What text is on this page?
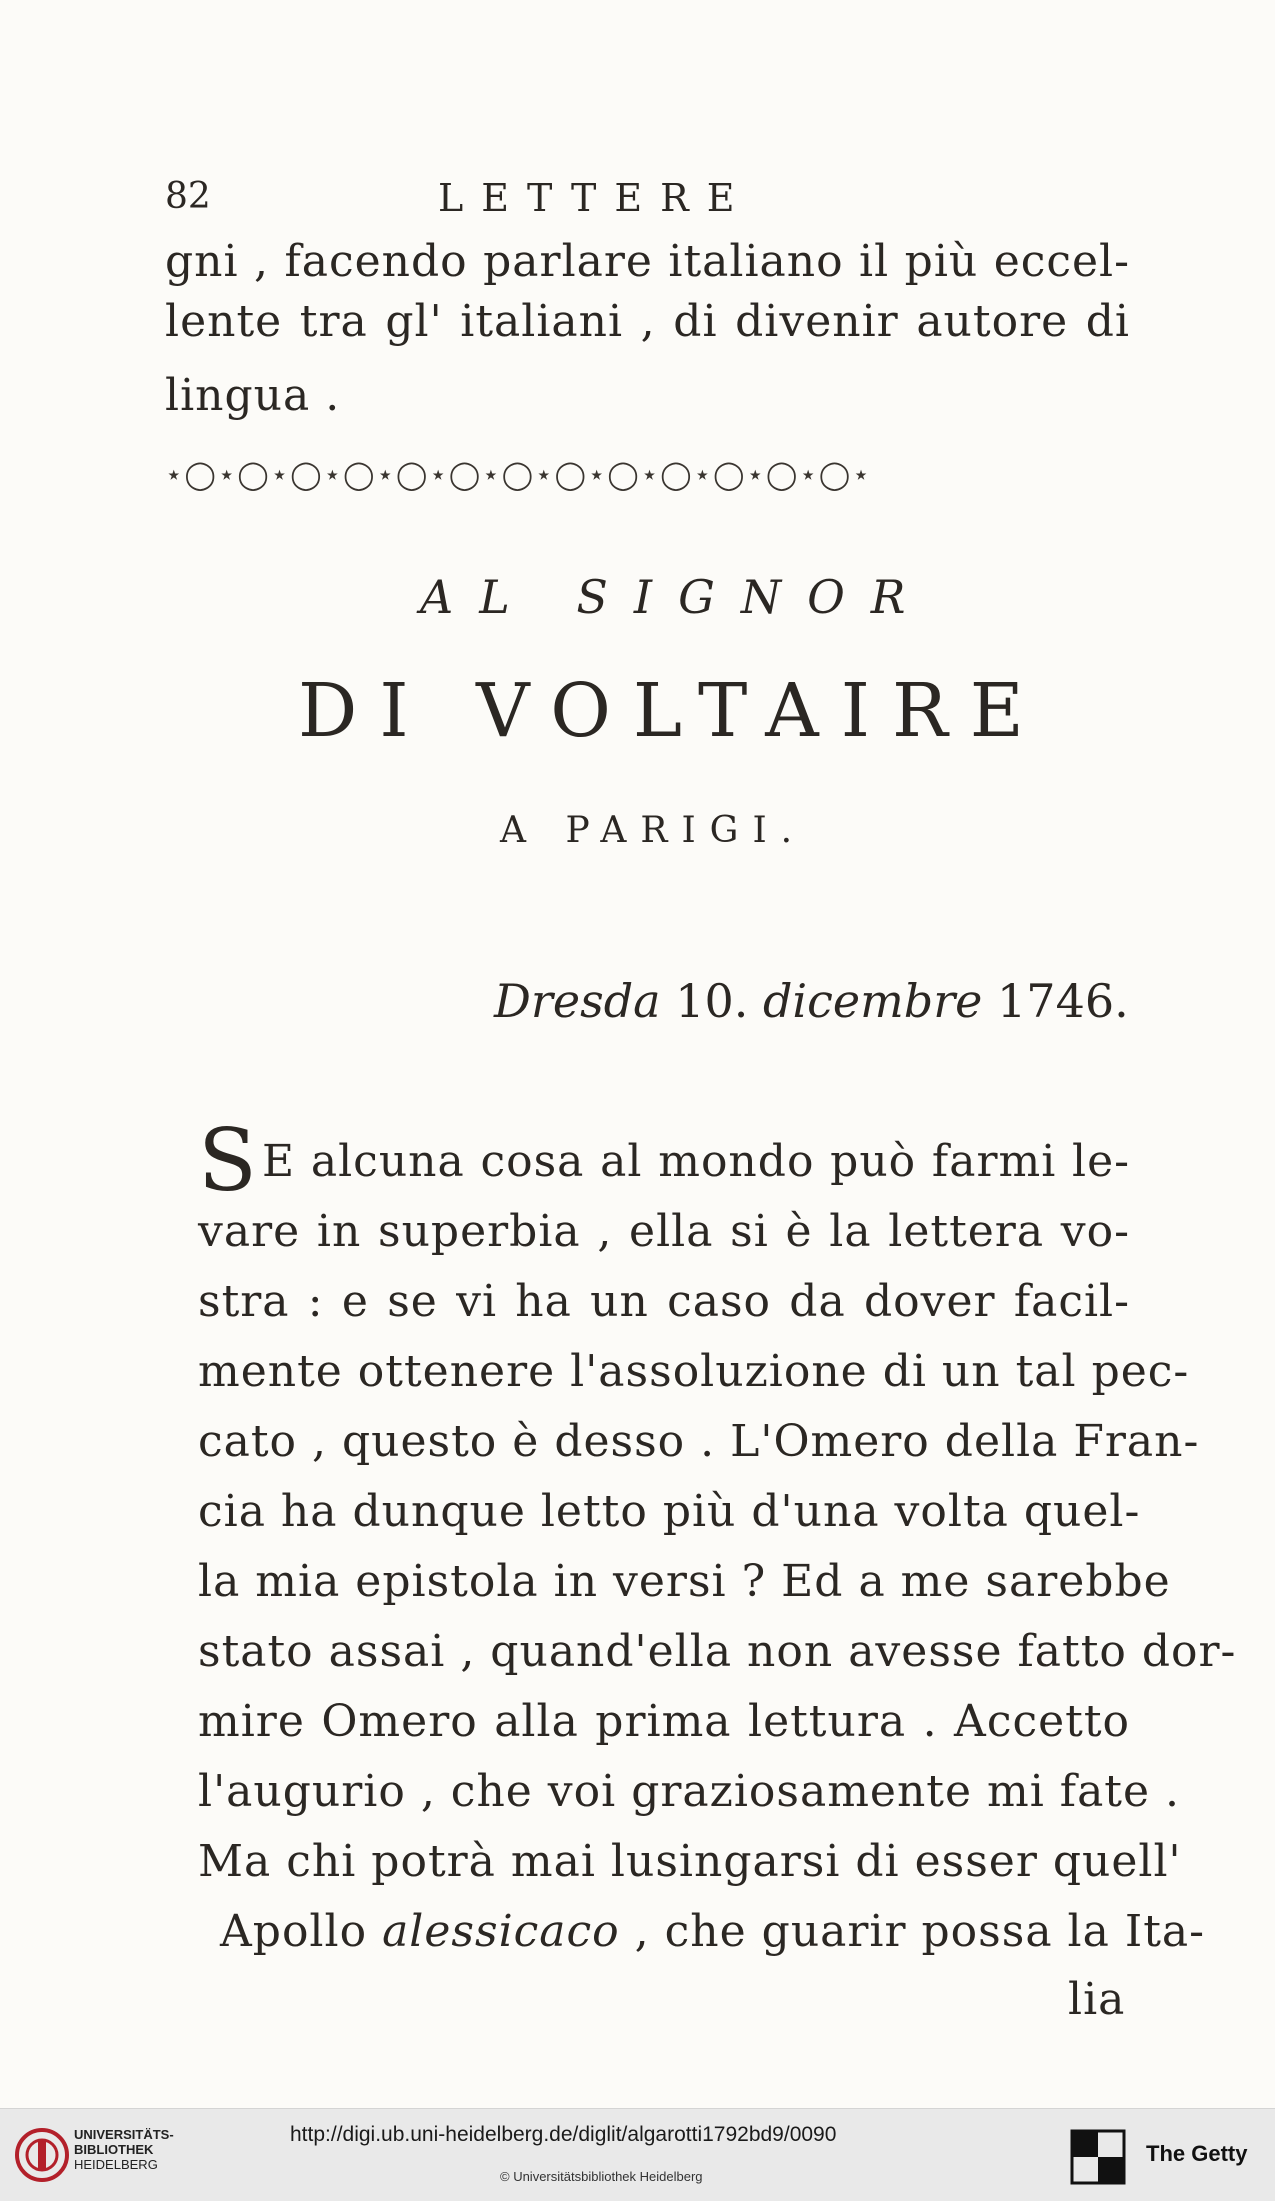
82	LETTERE
gni , facendo parlare italiano il più eccel-
lente tra gl' italiani , di divenir autore di
lingua .
⋆◯⋆◯⋆◯⋆◯⋆◯⋆◯⋆◯⋆◯⋆◯⋆◯⋆◯⋆◯⋆◯⋆
AL SIGNOR
DI VOLTAIRE
A PARIGI.
Dresda 10. dicembre 1746.
S E alcuna cosa al mondo può farmi le-
vare in superbia , ella si è la lettera vo-
stra : e se vi ha un caso da dover facil-
mente ottenere l'assoluzione di un tal pec-
cato , questo è desso . L'Omero della Fran-
cia ha dunque letto più d'una volta quel-
la mia epistola in versi ? Ed a me sarebbe
stato assai , quand'ella non avesse fatto dor-
mire Omero alla prima lettura . Accetto
l'augurio , che voi graziosamente mi fate .
Ma chi potrà mai lusingarsi di esser quell'
Apollo alessicaco , che guarir possa la Ita-
lia
UNIVERSITÄTS-
BIBLIOTHEK
HEIDELBERG
http://digi.ub.uni-heidelberg.de/diglit/algarotti1792bd9/0090
© Universitätsbibliothek Heidelberg
The Getty
